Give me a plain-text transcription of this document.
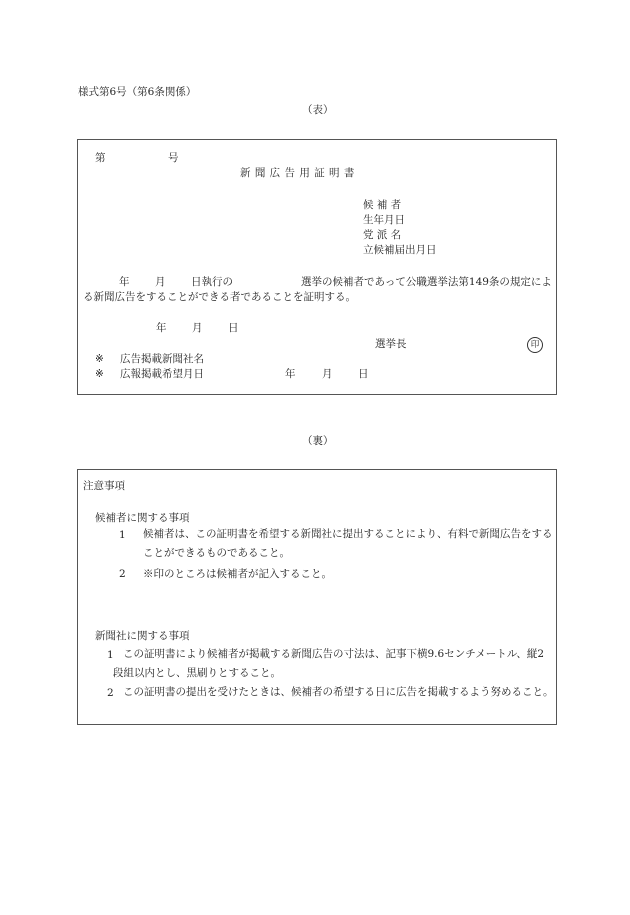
様式第6号（第6条関係）
（表）
第	号
新 聞 広 告 用 証 明 書
候 補 者
生年月日
党 派 名
立候補届出月日
年 月 日執行の	選挙の候補者であって公職選挙法第149条の規定によ
る新聞広告をすることができる者であることを証明する。
年 月 日
選挙長	印
※ 広告掲載新聞社名
※ 広報掲載希望月日	年	月 日
（裏）
注意事項
候補者に関する事項
1	候補者は、この証明書を希望する新聞社に提出することにより、有料で新聞広告をすることができるものであること。
2 ※印のところは候補者が記入すること。
新聞社に関する事項
1 この証明書により候補者が掲載する新聞広告の寸法は、記事下横9.6センチメートル、縦2段組以内とし、黒刷りとすること。
2 この証明書の提出を受けたときは、候補者の希望する日に広告を掲載するよう努めること。
